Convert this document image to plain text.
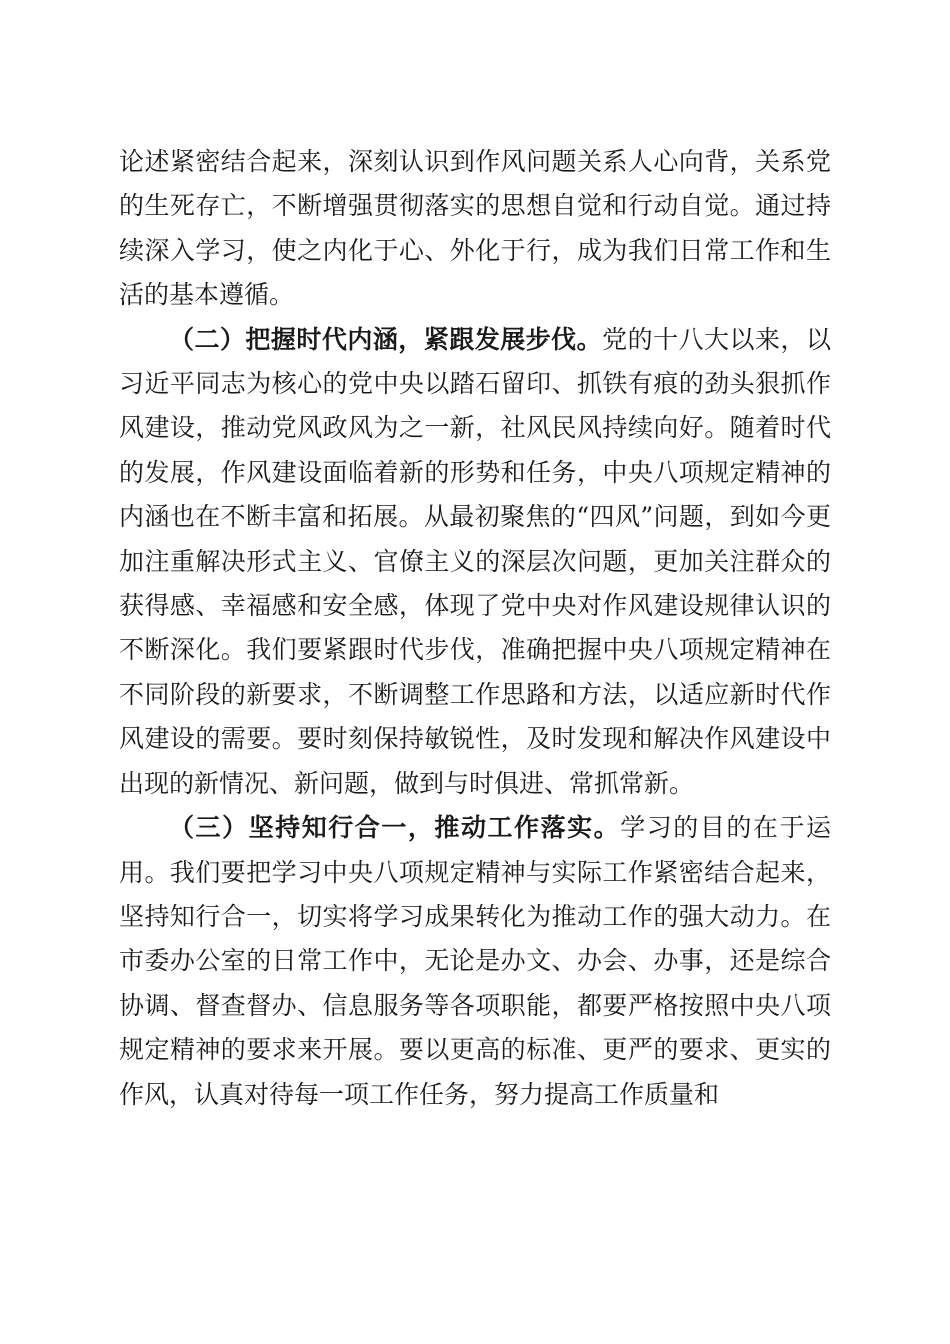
论述紧密结合起来，深刻认识到作风问题关系人心向背，关系党的生死存亡，不断增强贯彻落实的思想自觉和行动自觉。通过持续深入学习，使之内化于心、外化于行，成为我们日常工作和生活的基本遵循。

（二）把握时代内涵，紧跟发展步伐。党的十八大以来，以习近平同志为核心的党中央以踏石留印、抓铁有痕的劲头狠抓作风建设，推动党风政风为之一新，社风民风持续向好。随着时代的发展，作风建设面临着新的形势和任务，中央八项规定精神的内涵也在不断丰富和拓展。从最初聚焦的“四风”问题，到如今更加注重解决形式主义、官僚主义的深层次问题，更加关注群众的获得感、幸福感和安全感，体现了党中央对作风建设规律认识的不断深化。我们要紧跟时代步伐，准确把握中央八项规定精神在不同阶段的新要求，不断调整工作思路和方法，以适应新时代作风建设的需要。要时刻保持敏锐性，及时发现和解决作风建设中出现的新情况、新问题，做到与时俱进、常抓常新。

（三）坚持知行合一，推动工作落实。学习的目的在于运用。我们要把学习中央八项规定精神与实际工作紧密结合起来，坚持知行合一，切实将学习成果转化为推动工作的强大动力。在市委办公室的日常工作中，无论是办文、办会、办事，还是综合协调、督查督办、信息服务等各项职能，都要严格按照中央八项规定精神的要求来开展。要以更高的标准、更严的要求、更实的作风，认真对待每一项工作任务，努力提高工作质量和
